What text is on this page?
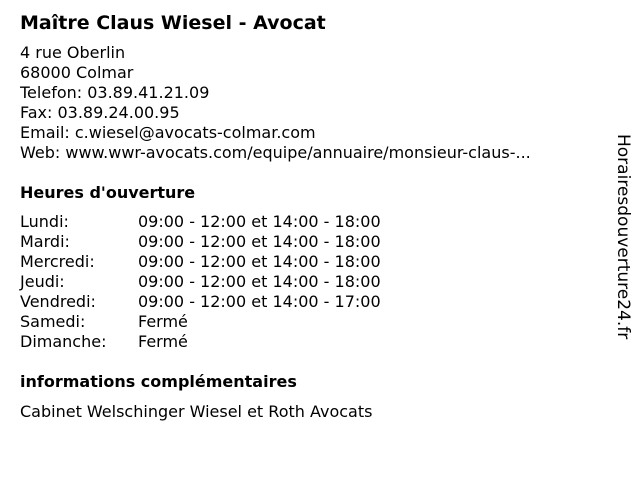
Maître Claus Wiesel - Avocat
4 rue Oberlin
68000 Colmar
Telefon: 03.89.41.21.09
Fax: 03.89.24.00.95
Email: c.wiesel@avocats-colmar.com
Web: www.wwr-avocats.com/equipe/annuaire/monsieur-claus-...
Heures d'ouverture
Lundi:	09:00 - 12:00 et 14:00 - 18:00
Mardi:	09:00 - 12:00 et 14:00 - 18:00
Mercredi:	09:00 - 12:00 et 14:00 - 18:00
Jeudi:	09:00 - 12:00 et 14:00 - 18:00
Vendredi:	09:00 - 12:00 et 14:00 - 17:00
Samedi:	Fermé
Dimanche:	Fermé
informations complémentaires
Cabinet Welschinger Wiesel et Roth Avocats
Horairesdouverture24.fr
